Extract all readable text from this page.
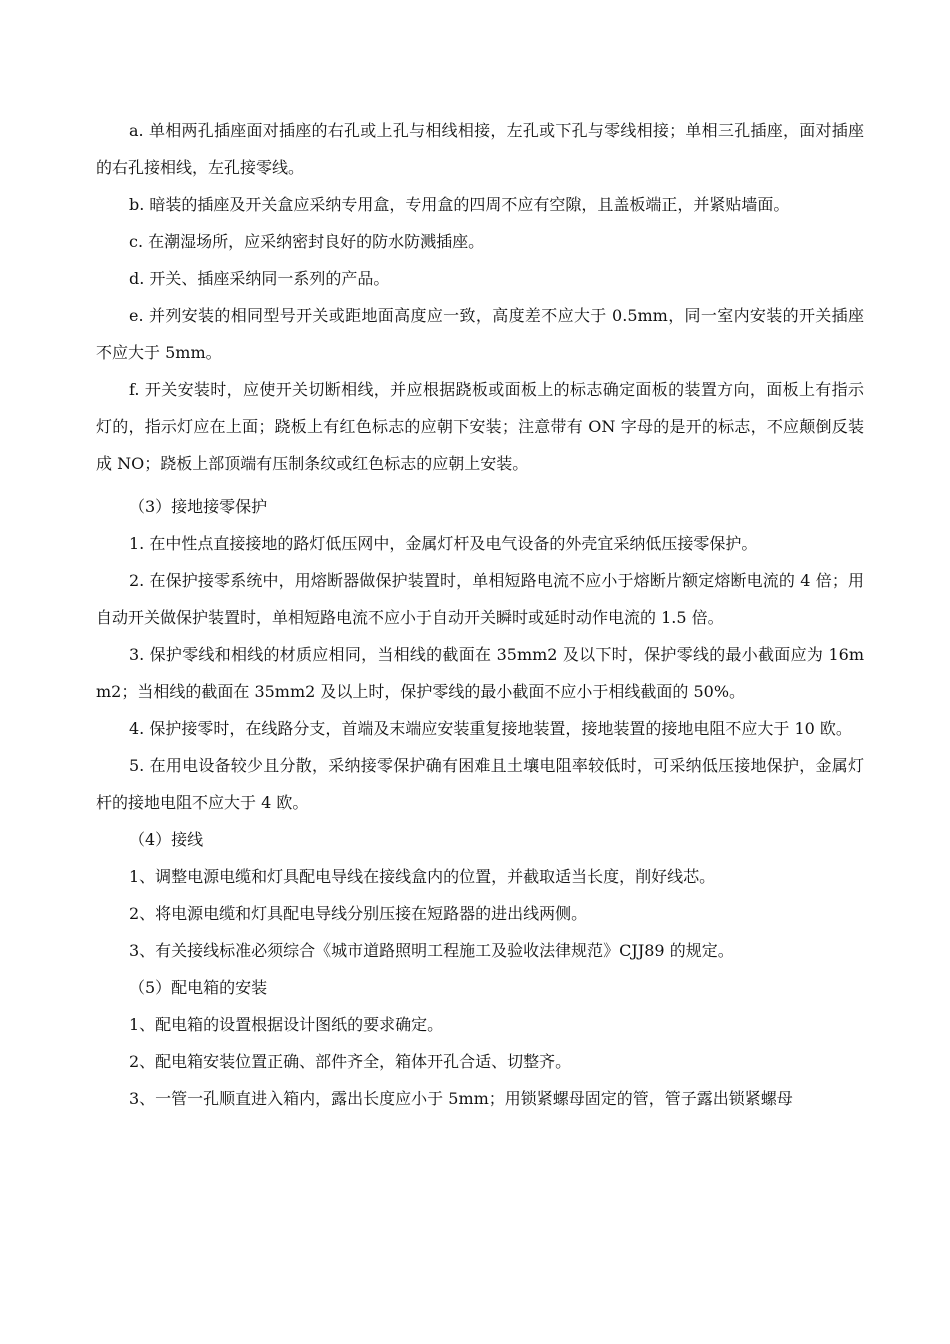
a. 单相两孔插座面对插座的右孔或上孔与相线相接，左孔或下孔与零线相接；单相三孔插座，面对插座的右孔接相线，左孔接零线。

b. 暗装的插座及开关盒应采纳专用盒，专用盒的四周不应有空隙，且盖板端正，并紧贴墙面。

c. 在潮湿场所，应采纳密封良好的防水防溅插座。

d. 开关、插座采纳同一系列的产品。

e. 并列安装的相同型号开关或距地面高度应一致，高度差不应大于 0.5mm，同一室内安装的开关插座不应大于 5mm。

f. 开关安装时，应使开关切断相线，并应根据跷板或面板上的标志确定面板的装置方向，面板上有指示灯的，指示灯应在上面；跷板上有红色标志的应朝下安装；注意带有 ON 字母的是开的标志，不应颠倒反装成 NO；跷板上部顶端有压制条纹或红色标志的应朝上安装。

（3）接地接零保护

1. 在中性点直接接地的路灯低压网中，金属灯杆及电气设备的外壳宜采纳低压接零保护。

2. 在保护接零系统中，用熔断器做保护装置时，单相短路电流不应小于熔断片额定熔断电流的 4 倍；用自动开关做保护装置时，单相短路电流不应小于自动开关瞬时或延时动作电流的 1.5 倍。

3. 保护零线和相线的材质应相同，当相线的截面在 35mm2 及以下时，保护零线的最小截面应为 16mm2；当相线的截面在 35mm2 及以上时，保护零线的最小截面不应小于相线截面的 50%。

4. 保护接零时，在线路分支，首端及末端应安装重复接地装置，接地装置的接地电阻不应大于 10 欧。

5. 在用电设备较少且分散，采纳接零保护确有困难且土壤电阻率较低时，可采纳低压接地保护，金属灯杆的接地电阻不应大于 4 欧。

（4）接线

1、调整电源电缆和灯具配电导线在接线盒内的位置，并截取适当长度，削好线芯。

2、将电源电缆和灯具配电导线分别压接在短路器的进出线两侧。

3、有关接线标准必须综合《城市道路照明工程施工及验收法律规范》CJJ89 的规定。

（5）配电箱的安装

1、配电箱的设置根据设计图纸的要求确定。

2、配电箱安装位置正确、部件齐全，箱体开孔合适、切整齐。

3、一管一孔顺直进入箱内，露出长度应小于 5mm；用锁紧螺母固定的管，管子露出锁紧螺母
